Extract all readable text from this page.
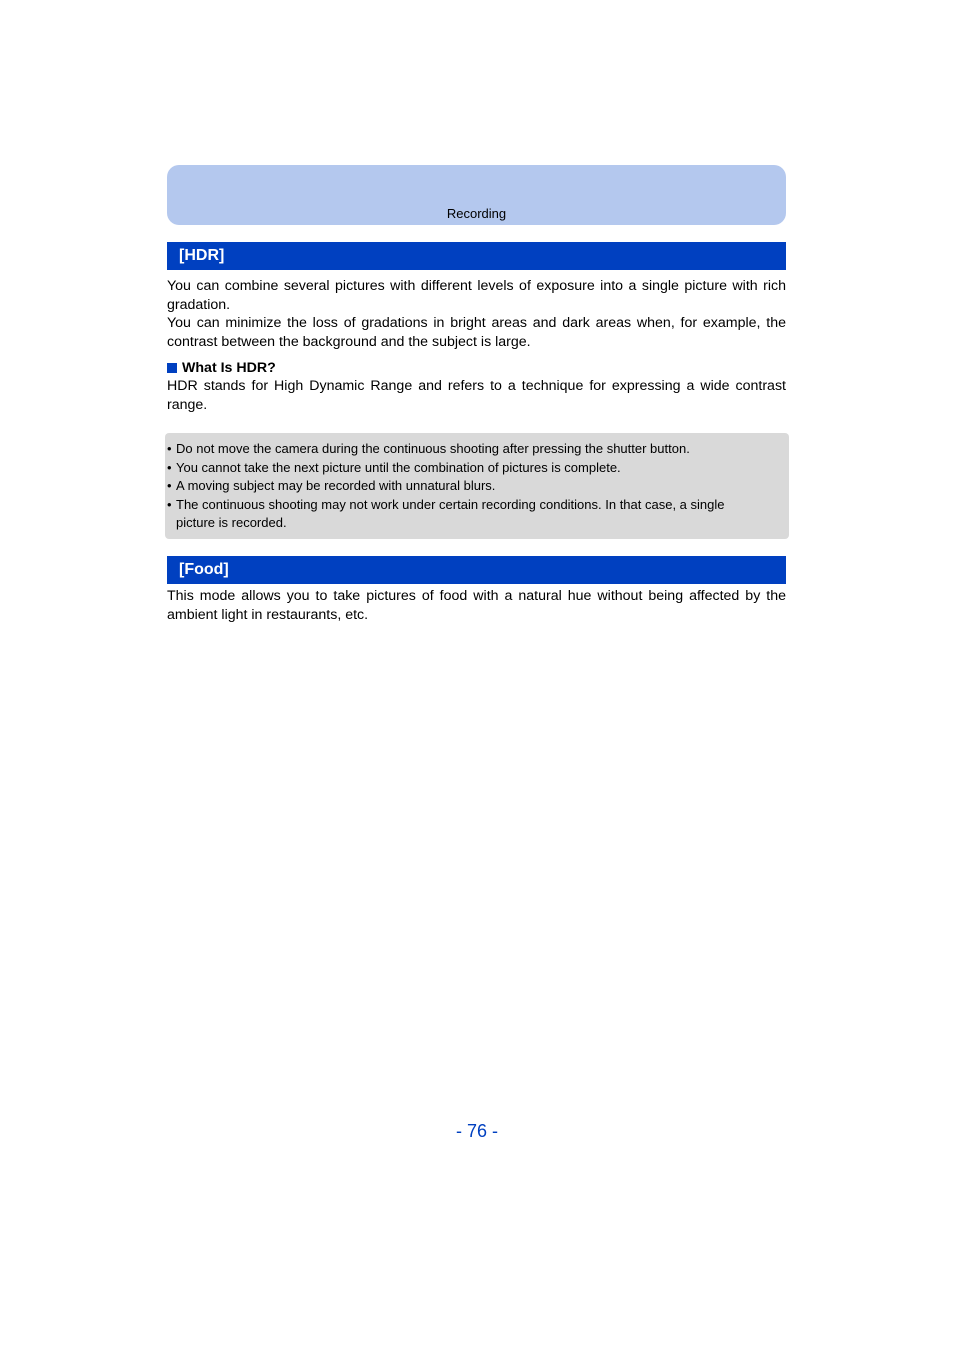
Recording
[HDR]
You can combine several pictures with different levels of exposure into a single picture with rich
gradation.
You can minimize the loss of gradations in bright areas and dark areas when, for example, the
contrast between the background and the subject is large.
What Is HDR?
HDR stands for High Dynamic Range and refers to a technique for expressing a wide contrast
range.
• Do not move the camera during the continuous shooting after pressing the shutter button.
• You cannot take the next picture until the combination of pictures is complete.
• A moving subject may be recorded with unnatural blurs.
• The continuous shooting may not work under certain recording conditions. In that case, a single
picture is recorded.
[Food]
This mode allows you to take pictures of food with a natural hue without being affected by the
ambient light in restaurants, etc.
- 76 -
